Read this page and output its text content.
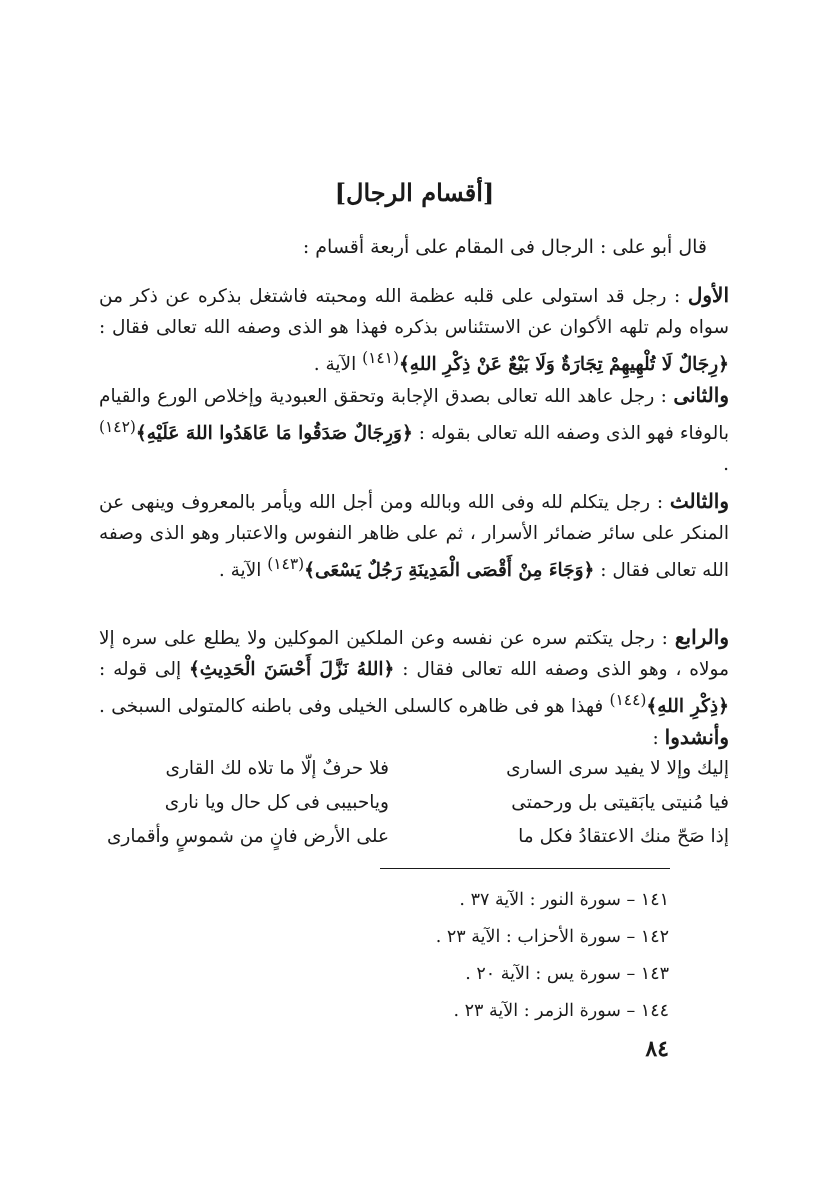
[أقسام الرجال]
قال أبو على : الرجال فى المقام على أربعة أقسام :
الأول : رجل قد استولى على قلبه عظمة الله ومحبته فاشتغل بذكره عن ذكر من سواه ولم تلهه الأكوان عن الاستئناس بذكره فهذا هو الذى وصفه الله تعالى فقال : ﴿رِجَالٌ لَا تُلْهِيهِمْ تِجَارَةٌ وَلَا بَيْعٌ عَنْ ذِكْرِ اللهِ﴾$^{(١٤١)}$ الآية .
والثانى : رجل عاهد الله تعالى بصدق الإجابة وتحقق العبودية وإخلاص الورع والقيام بالوفاء فهو الذى وصفه الله تعالى بقوله : ﴿وَرِجَالٌ صَدَقُوا مَا عَاهَدُوا اللهَ عَلَيْهِ﴾$^{(١٤٢)}$ .
والثالث : رجل يتكلم لله وفى الله وبالله ومن أجل الله ويأمر بالمعروف وينهى عن المنكر على سائر ضمائر الأسرار ، ثم على ظاهر النفوس والاعتبار وهو الذى وصفه الله تعالى فقال : ﴿وَجَاءَ مِنْ أَقْصَى الْمَدِينَةِ رَجُلٌ يَسْعَى﴾$^{(١٤٣)}$ الآية .
والرابع : رجل يتكتم سره عن نفسه وعن الملكين الموكلين ولا يطلع على سره إلا مولاه ، وهو الذى وصفه الله تعالى فقال : ﴿اللهُ نَزَّلَ أَحْسَنَ الْحَدِيثِ﴾ إلى قوله : ﴿ذِكْرِ اللهِ﴾$^{(١٤٤)}$ فهذا هو فى ظاهره كالسلى الخيلى وفى باطنه كالمتولى السبخى . وأنشدوا :
إليك وإلا لا يفيد سرى السارى
فلا حرفٌ إلّا ما تلاه لك القارى
فيا مُنيتى يابَقيتى بل ورحمتى
وياحبيبى فى كل حال ويا نارى
إذا صَحّ منك الاعتقادُ فكل ما
على الأرض فانٍ من شموسٍ وأقمارى
١٤١ – سورة النور : الآية ٣٧ .
١٤٢ – سورة الأحزاب : الآية ٢٣ .
١٤٣ – سورة يس : الآية ٢٠ .
١٤٤ – سورة الزمر : الآية ٢٣ .
٨٤
